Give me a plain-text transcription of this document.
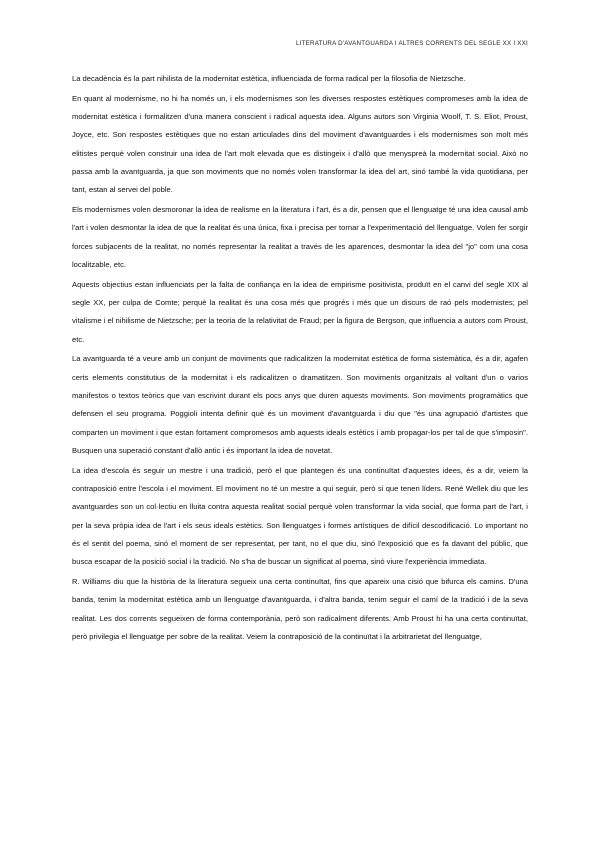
LITERATURA D'AVANTGUARDA I ALTRES CORRENTS DEL SEGLE XX I XXI

La decadència és la part nihilista de la modernitat estètica, influenciada de forma radical per la filosofia de Nietzsche.

En quant al modernisme, no hi ha només un, i els modernismes son les diverses respostes estètiques compromeses amb la idea de modernitat estètica i formalitzen d'una manera conscient i radical aquesta idea. Alguns autors son Virginia Woolf, T. S. Eliot, Proust, Joyce, etc. Son respostes estètiques que no estan articulades dins del moviment d'avantguardes i els modernismes son molt més elitistes perquè volen construir una idea de l'art molt elevada que es distingeix i d'allò que menyspreà la modernitat social. Això no passa amb la avantguarda, ja que son moviments que no només volen transformar la idea del art, sinó també la vida quotidiana, per tant, estan al servei del poble.

Els modernismes volen desmoronar la idea de realisme en la literatura i l'art, és a dir, pensen que el llenguatge té una idea causal amb l'art i volen desmontar la idea de que la realitat és una única, fixa i precisa per tornar a l'experimentació del llenguatge. Volen fer sorgir forces subjacents de la realitat, no només representar la realitat a través de les aparences, desmontar la idea del "jo" com una cosa localitzable, etc.

Aquests objectius estan influenciats per la falta de confiança en la idea de empirisme positivista, produït en el canvi del segle XIX al segle XX, per culpa de Comte; perquè la realitat és una cosa més que progrés i més que un discurs de raó pels modernistes; pel vitalisme i el nihilisme de Nietzsche; per la teoria de la relativitat de Fraud; per la figura de Bergson, que influencia a autors com Proust, etc.

La avantguarda té a veure amb un conjunt de moviments que radicalitzen la modernitat estètica de forma sistemàtica, és a dir, agafen certs elements constitutius de la modernitat i els radicalitzen o dramatitzen. Son moviments organitzats al voltant d'un o varios manifestos o textos teòrics que van escrivint durant els pocs anys que duren aquests moviments. Son moviments programàtics que defensen el seu programa. Poggioli intenta definir què és un moviment d'avantguarda i diu que "és una agrupació d'artistes que comparten un moviment i que estan fortament compromesos amb aquests ideals estètics i amb propagar-los per tal de que s'imposin". Busquen una superació constant d'allò antic i és important la idea de novetat.

La idea d'escola és seguir un mestre i una tradició, però el que plantegen és una continuïtat d'aquestes idees, és a dir, veiem la contraposició entre l'escola i el moviment. El moviment no té un mestre a qui seguir, però si que tenen líders. René Wellek diu que les avantguardes son un col·lectiu en lluita contra aquesta realitat social perquè volen transformar la vida social, que forma part de l'art, i per la seva pròpia idea de l'art i els seus ideals estètics. Son llenguatges i formes artístiques de difícil descodificació. Lo important no és el sentit del poema, sinó el moment de ser representat, per tant, no el que diu, sinó l'exposició que es fa davant del públic, que busca escapar de la posició social i la tradició. No s'ha de buscar un significat al poema, sinó viure l'experiència immediata.

R. Williams diu que la història de la literatura segueix una certa continuïtat, fins que apareix una cisió que bifurca els camins. D'una banda, tenim la modernitat estètica amb un llenguatge d'avantguarda, i d'altra banda, tenim seguir el camí de la tradició i de la seva realitat. Les dos corrents segueixen de forma contemporània, però son radicalment diferents. Amb Proust hi ha una certa continuïtat, però privilegia el llenguatge per sobre de la realitat. Veiem la contraposició de la continuïtat i la arbitrarietat del llenguatge,
